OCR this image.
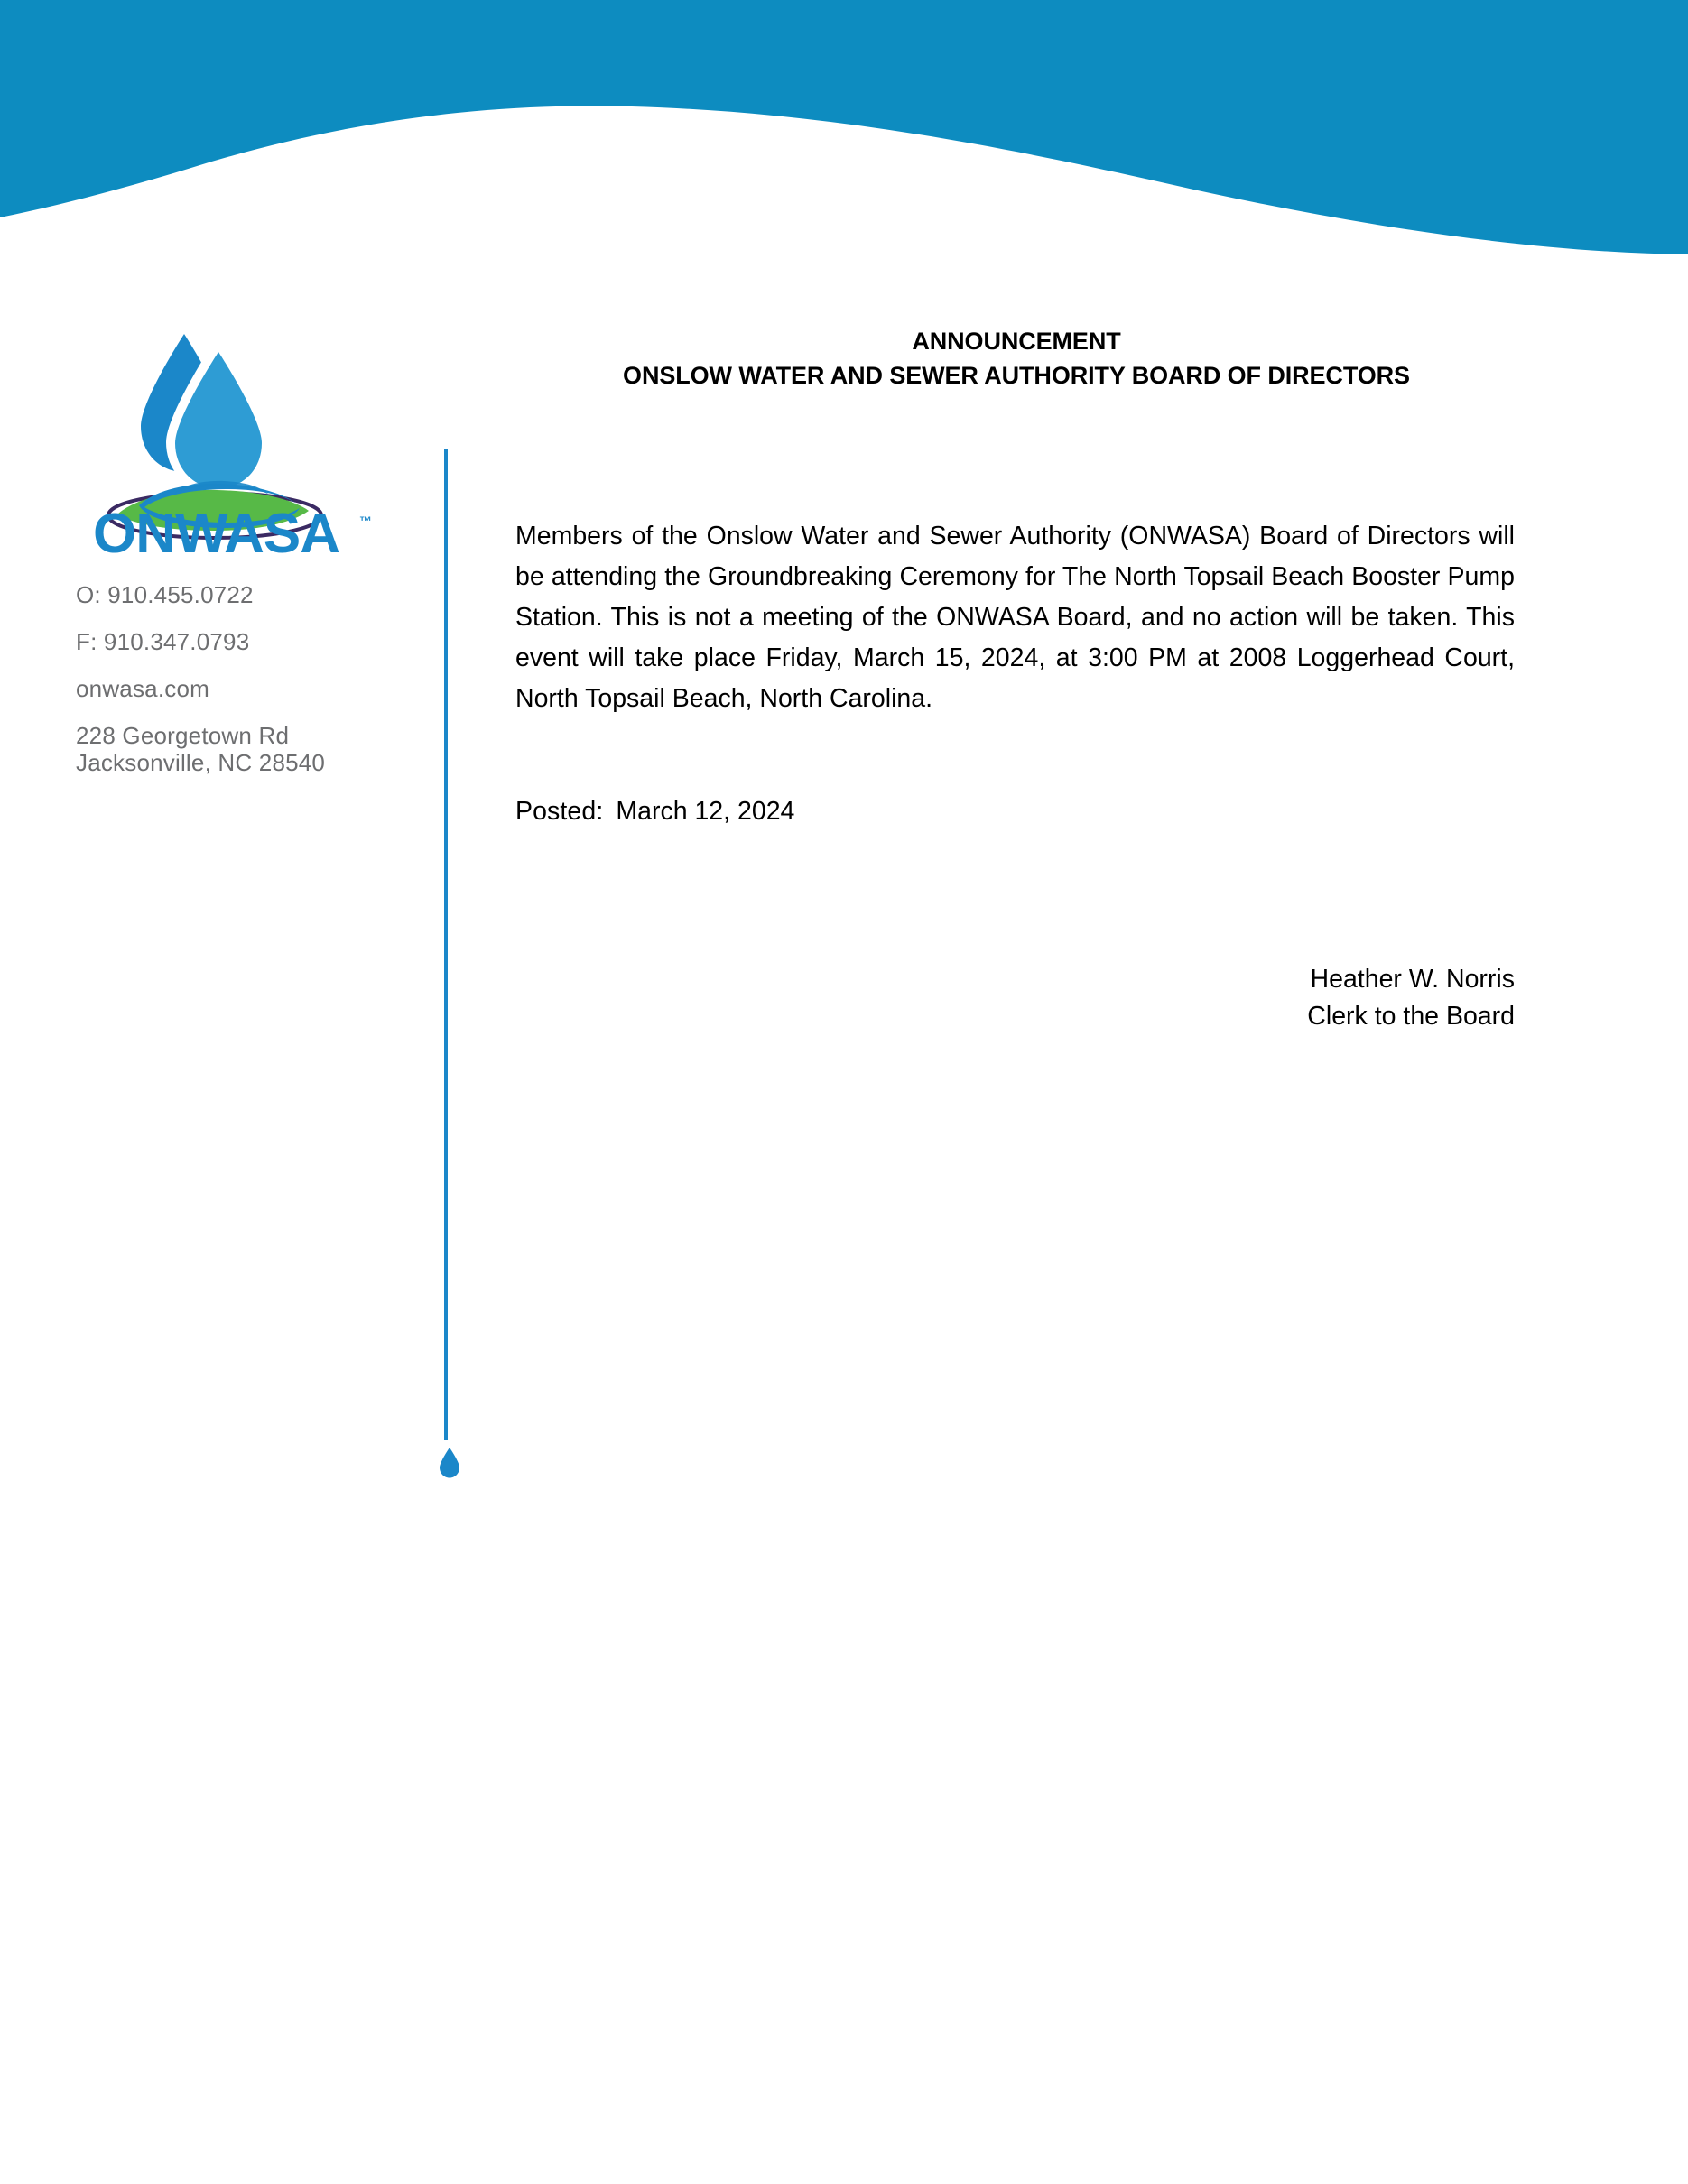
ONWASA ™
O: 910.455.0722
F: 910.347.0793
onwasa.com
228 Georgetown Rd
Jacksonville, NC 28540
ANNOUNCEMENT
ONSLOW WATER AND SEWER AUTHORITY BOARD OF DIRECTORS

Members of the Onslow Water and Sewer Authority (ONWASA) Board of Directors will be attending the Groundbreaking Ceremony for The North Topsail Beach Booster Pump Station. This is not a meeting of the ONWASA Board, and no action will be taken. This event will take place Friday, March 15, 2024, at 3:00 PM at 2008 Loggerhead Court, North Topsail Beach, North Carolina.

Posted: March 12, 2024
Heather W. Norris
Clerk to the Board
